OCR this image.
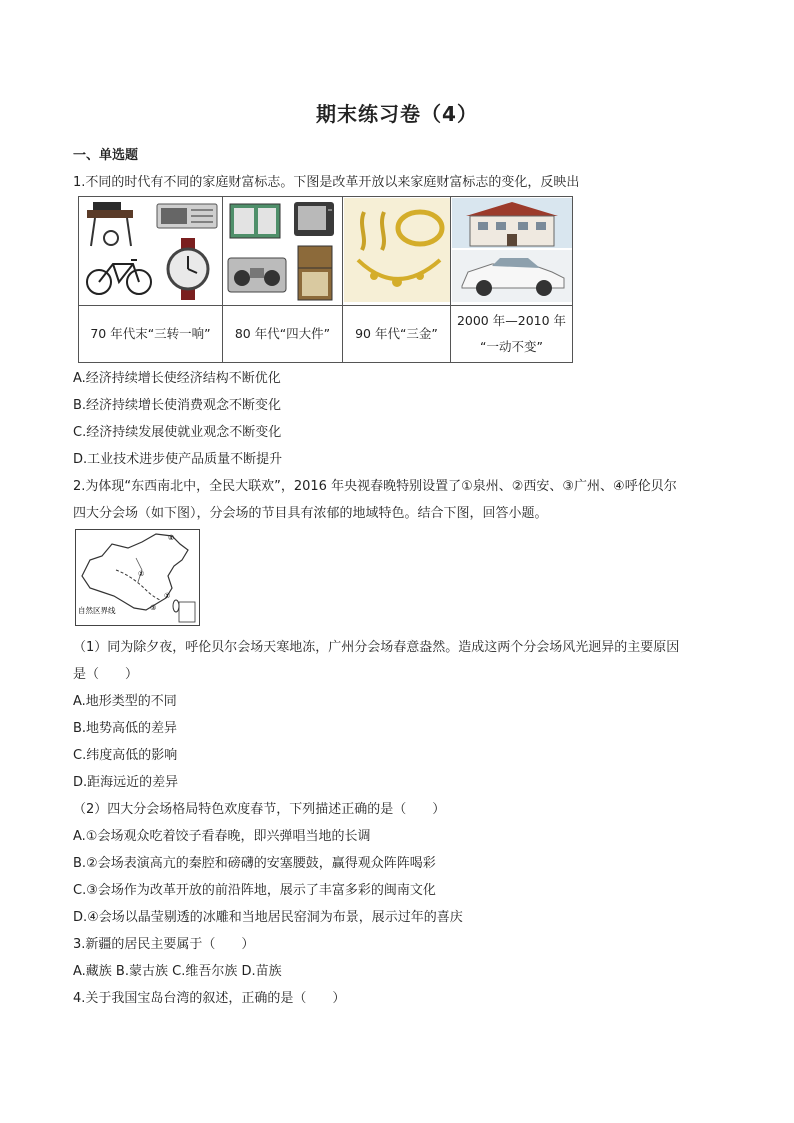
期末练习卷（4）
一、单选题
1.不同的时代有不同的家庭财富标志。下图是改革开放以来家庭财富标志的变化，反映出

70 年代末“三转一响”	80 年代“四大件”	90 年代“三金”	2000 年—2010 年
“一动不变”
A.经济持续增长使经济结构不断优化
B.经济持续增长使消费观念不断变化
C.经济持续发展使就业观念不断变化
D.工业技术进步使产品质量不断提升
2.为体现“东西南北中，全民大联欢”，2016 年央视春晚特别设置了①泉州、②西安、③广州、④呼伦贝尔
四大分会场（如下图），分会场的节目具有浓郁的地域特色。结合下图，回答小题。
④
②
①
③
自然区界线
（1）同为除夕夜，呼伦贝尔会场天寒地冻，广州分会场春意盎然。造成这两个分会场风光迥异的主要原因
是（　　）
A.地形类型的不同
B.地势高低的差异
C.纬度高低的影响
D.距海远近的差异
（2）四大分会场格局特色欢度春节，下列描述正确的是（　　）
A.①会场观众吃着饺子看春晚，即兴弹唱当地的长调
B.②会场表演高亢的秦腔和磅礴的安塞腰鼓，赢得观众阵阵喝彩
C.③会场作为改革开放的前沿阵地，展示了丰富多彩的闽南文化
D.④会场以晶莹剔透的冰雕和当地居民窑洞为布景，展示过年的喜庆
3.新疆的居民主要属于（　　）
A.藏族 B.蒙古族 C.维吾尔族 D.苗族
4.关于我国宝岛台湾的叙述，正确的是（　　）
